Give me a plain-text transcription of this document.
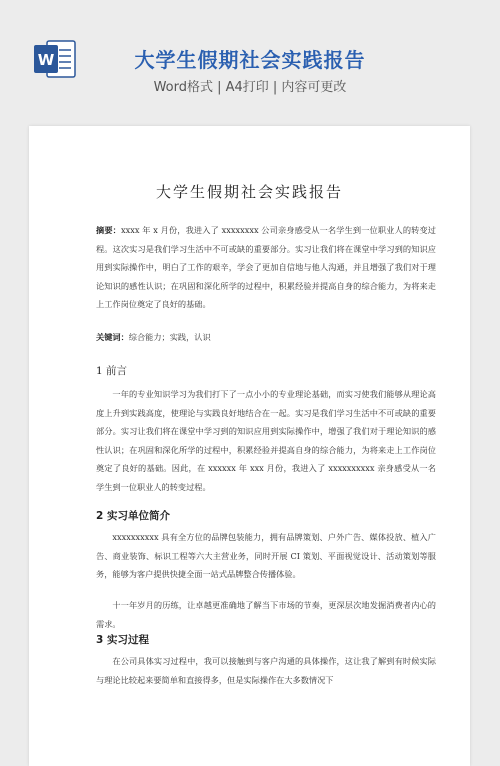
W	大学生假期社会实践报告
Word格式 | A4打印 | 内容可更改
大学生假期社会实践报告
摘要：xxxx 年 x 月份，我进入了 xxxxxxxx 公司亲身感受从一名学生到一位职业人的转变过程。这次实习是我们学习生活中不可或缺的重要部分。实习让我们将在课堂中学习到的知识应用到实际操作中，明白了工作的艰辛，学会了更加自信地与他人沟通，并且增强了我们对于理论知识的感性认识；在巩固和深化所学的过程中，积累经验并提高自身的综合能力，为将来走上工作岗位奠定了良好的基础。
关键词：综合能力；实践，认识
1 前言
一年的专业知识学习为我们打下了一点小小的专业理论基础，而实习使我们能够从理论高度上升到实践高度，使理论与实践良好地结合在一起。实习是我们学习生活中不可或缺的重要部分。实习让我们将在课堂中学习到的知识应用到实际操作中，增强了我们对于理论知识的感性认识；在巩固和深化所学的过程中，积累经验并提高自身的综合能力，为将来走上工作岗位奠定了良好的基础。因此，在 xxxxxx 年 xxx 月份，我进入了 xxxxxxxxxx 亲身感受从一名学生到一位职业人的转变过程。
2 实习单位简介
xxxxxxxxxx 具有全方位的品牌包装能力，拥有品牌策划、户外广告、媒体投放、植入广告、商业装饰、标识工程等六大主营业务，同时开展 CI 策划、平面视觉设计、活动策划等服务，能够为客户提供快捷全面一站式品牌整合传播体验。
十一年岁月的历练，让卓越更准确地了解当下市场的节奏，更深层次地发掘消费者内心的需求。
3 实习过程
在公司具体实习过程中，我可以接触到与客户沟通的具体操作，这让我了解到有时候实际与理论比较起来要简单和直接得多，但是实际操作在大多数情况下
